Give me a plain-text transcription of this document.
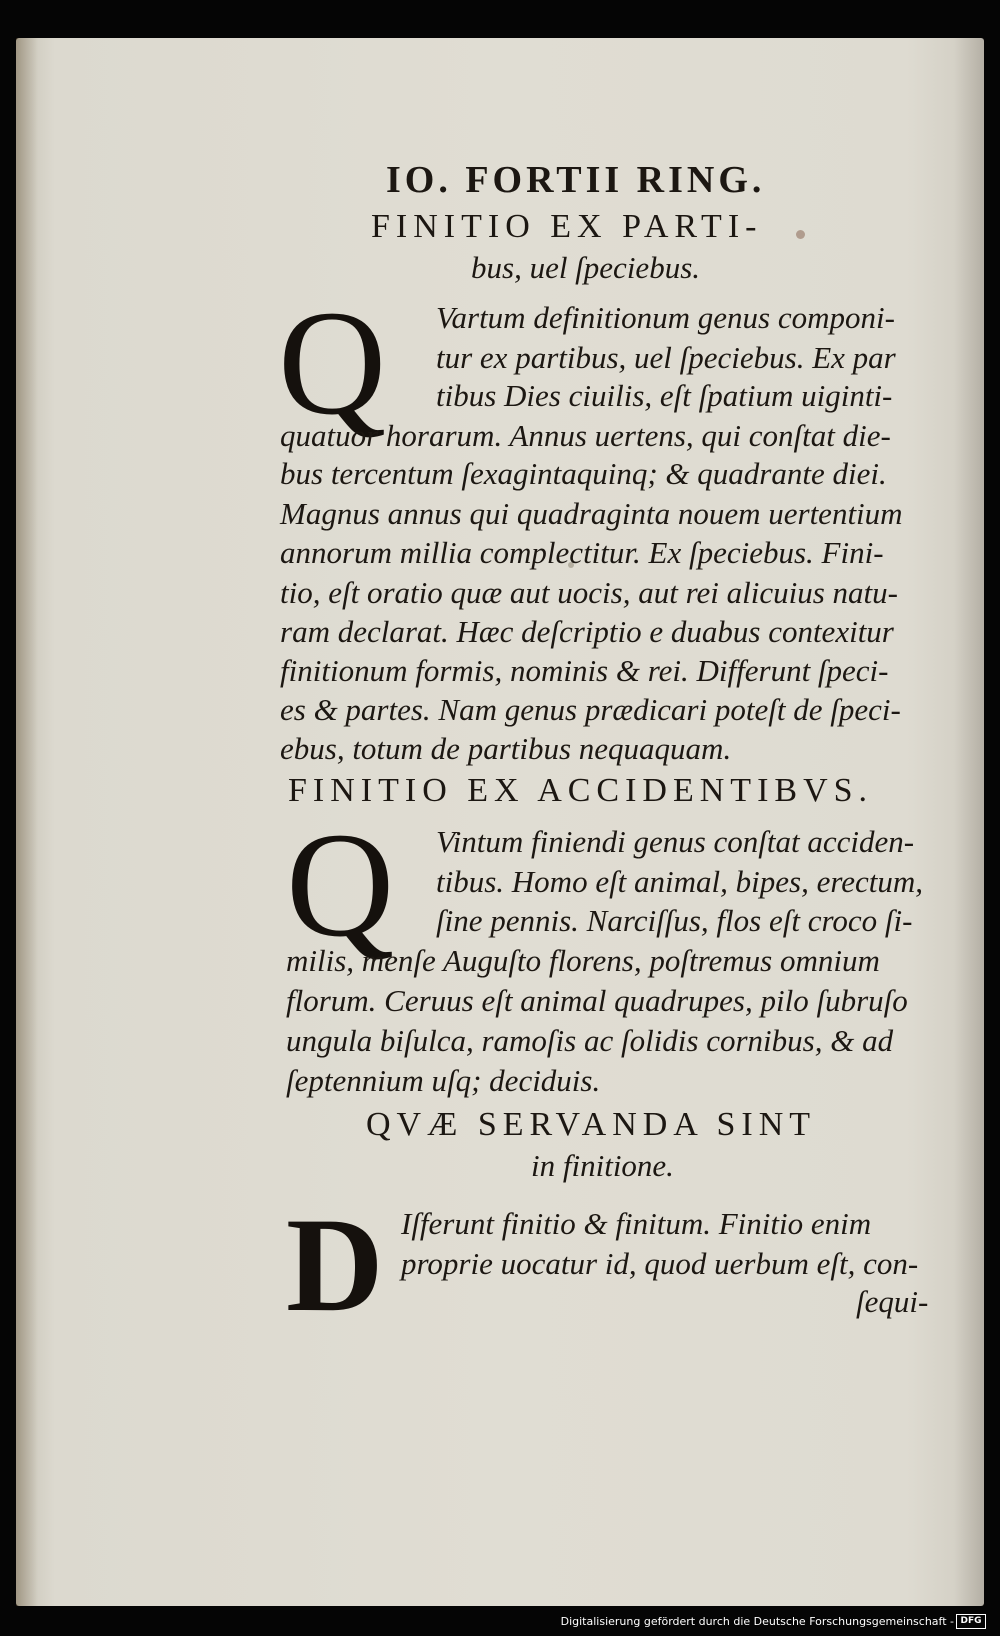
IO. FORTII RING.
FINITIO EX PARTI-
bus, uel ſpeciebus.
Q Vartum definitionum genus componi-
tur ex partibus, uel ſpeciebus. Ex par
tibus Dies ciuilis, eſt ſpatium uiginti-
quatuor horarum. Annus uertens, qui conſtat die-
bus tercentum ſexagintaquinq; & quadrante diei.
Magnus annus qui quadraginta nouem uertentium
annorum millia complectitur. Ex ſpeciebus. Fini-
tio, eſt oratio quæ aut uocis, aut rei alicuius natu-
ram declarat. Hæc deſcriptio e duabus contexitur
finitionum formis, nominis & rei. Differunt ſpeci-
es & partes. Nam genus prædicari poteſt de ſpeci-
ebus, totum de partibus nequaquam.
FINITIO EX ACCIDENTIBVS.
Q Vintum finiendi genus conſtat acciden-
tibus. Homo eſt animal, bipes, erectum,
ſine pennis. Narciſſus, flos eſt croco ſi-
milis, menſe Auguſto florens, poſtremus omnium
florum. Ceruus eſt animal quadrupes, pilo ſubruſo
ungula biſulca, ramoſis ac ſolidis cornibus, & ad
ſeptennium uſq; deciduis.
QVÆ SERVANDA SINT
in finitione.
D Iſferunt finitio & finitum. Finitio enim
proprie uocatur id, quod uerbum eſt, con-
ſequi-
Digitalisierung gefördert durch die Deutsche Forschungsgemeinschaft - DFG
